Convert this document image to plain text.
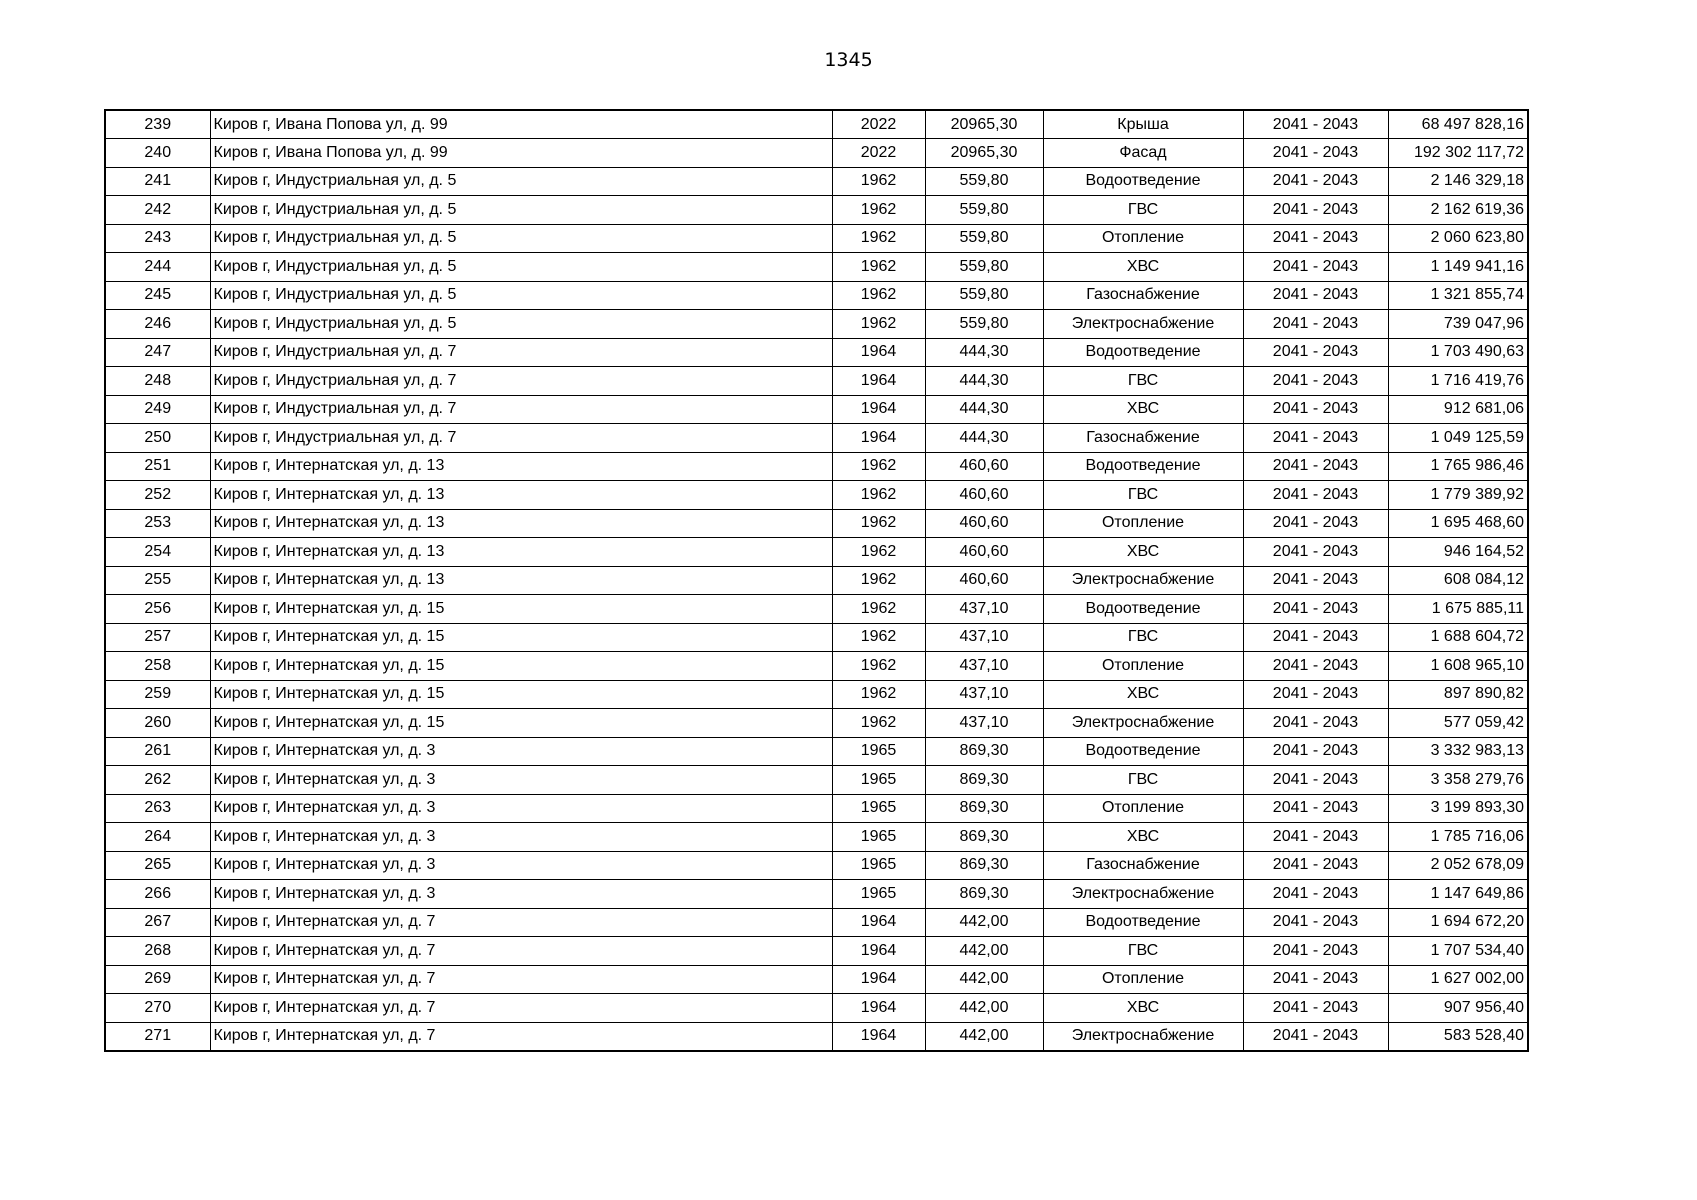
1345
239	Киров г, Ивана Попова ул, д. 99	2022	20965,30	Крыша	2041 - 2043	68 497 828,16
240	Киров г, Ивана Попова ул, д. 99	2022	20965,30	Фасад	2041 - 2043	192 302 117,72
241	Киров г, Индустриальная ул, д. 5	1962	559,80	Водоотведение	2041 - 2043	2 146 329,18
242	Киров г, Индустриальная ул, д. 5	1962	559,80	ГВС	2041 - 2043	2 162 619,36
243	Киров г, Индустриальная ул, д. 5	1962	559,80	Отопление	2041 - 2043	2 060 623,80
244	Киров г, Индустриальная ул, д. 5	1962	559,80	ХВС	2041 - 2043	1 149 941,16
245	Киров г, Индустриальная ул, д. 5	1962	559,80	Газоснабжение	2041 - 2043	1 321 855,74
246	Киров г, Индустриальная ул, д. 5	1962	559,80	Электроснабжение	2041 - 2043	739 047,96
247	Киров г, Индустриальная ул, д. 7	1964	444,30	Водоотведение	2041 - 2043	1 703 490,63
248	Киров г, Индустриальная ул, д. 7	1964	444,30	ГВС	2041 - 2043	1 716 419,76
249	Киров г, Индустриальная ул, д. 7	1964	444,30	ХВС	2041 - 2043	912 681,06
250	Киров г, Индустриальная ул, д. 7	1964	444,30	Газоснабжение	2041 - 2043	1 049 125,59
251	Киров г, Интернатская ул, д. 13	1962	460,60	Водоотведение	2041 - 2043	1 765 986,46
252	Киров г, Интернатская ул, д. 13	1962	460,60	ГВС	2041 - 2043	1 779 389,92
253	Киров г, Интернатская ул, д. 13	1962	460,60	Отопление	2041 - 2043	1 695 468,60
254	Киров г, Интернатская ул, д. 13	1962	460,60	ХВС	2041 - 2043	946 164,52
255	Киров г, Интернатская ул, д. 13	1962	460,60	Электроснабжение	2041 - 2043	608 084,12
256	Киров г, Интернатская ул, д. 15	1962	437,10	Водоотведение	2041 - 2043	1 675 885,11
257	Киров г, Интернатская ул, д. 15	1962	437,10	ГВС	2041 - 2043	1 688 604,72
258	Киров г, Интернатская ул, д. 15	1962	437,10	Отопление	2041 - 2043	1 608 965,10
259	Киров г, Интернатская ул, д. 15	1962	437,10	ХВС	2041 - 2043	897 890,82
260	Киров г, Интернатская ул, д. 15	1962	437,10	Электроснабжение	2041 - 2043	577 059,42
261	Киров г, Интернатская ул, д. 3	1965	869,30	Водоотведение	2041 - 2043	3 332 983,13
262	Киров г, Интернатская ул, д. 3	1965	869,30	ГВС	2041 - 2043	3 358 279,76
263	Киров г, Интернатская ул, д. 3	1965	869,30	Отопление	2041 - 2043	3 199 893,30
264	Киров г, Интернатская ул, д. 3	1965	869,30	ХВС	2041 - 2043	1 785 716,06
265	Киров г, Интернатская ул, д. 3	1965	869,30	Газоснабжение	2041 - 2043	2 052 678,09
266	Киров г, Интернатская ул, д. 3	1965	869,30	Электроснабжение	2041 - 2043	1 147 649,86
267	Киров г, Интернатская ул, д. 7	1964	442,00	Водоотведение	2041 - 2043	1 694 672,20
268	Киров г, Интернатская ул, д. 7	1964	442,00	ГВС	2041 - 2043	1 707 534,40
269	Киров г, Интернатская ул, д. 7	1964	442,00	Отопление	2041 - 2043	1 627 002,00
270	Киров г, Интернатская ул, д. 7	1964	442,00	ХВС	2041 - 2043	907 956,40
271	Киров г, Интернатская ул, д. 7	1964	442,00	Электроснабжение	2041 - 2043	583 528,40
